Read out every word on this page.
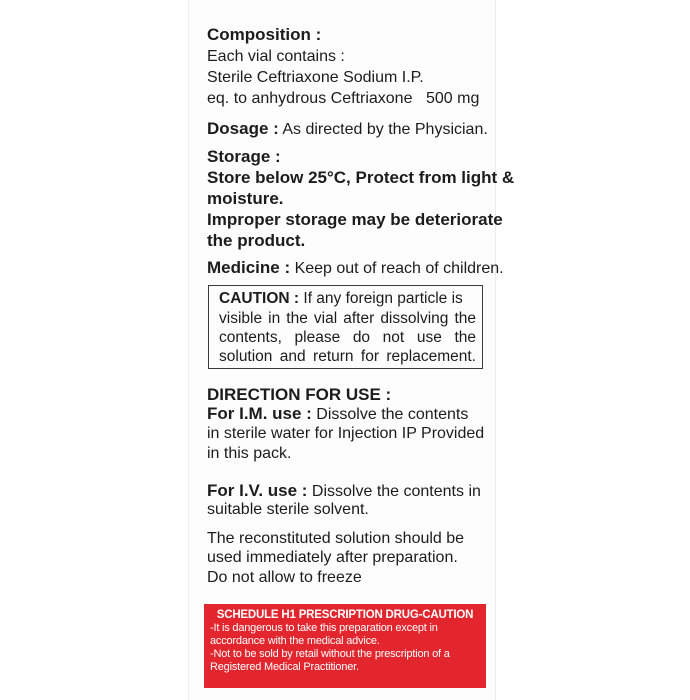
Composition :
Each vial contains :
Sterile Ceftriaxone Sodium I.P.
eq. to anhydrous Ceftriaxone 500 mg
Dosage : As directed by the Physician.
Storage :
Store below 25°C, Protect from light &
moisture.
Improper storage may be deteriorate
the product.
Medicine : Keep out of reach of children.
CAUTION : If any foreign particle is
visible in the vial after dissolving the
contents, please do not use the
solution and return for replacement.
DIRECTION FOR USE :
For I.M. use : Dissolve the contents
in sterile water for Injection IP Provided
in this pack.
For I.V. use : Dissolve the contents in
suitable sterile solvent.
The reconstituted solution should be
used immediately after preparation.
Do not allow to freeze
SCHEDULE H1 PRESCRIPTION DRUG-CAUTION
-It is dangerous to take this preparation except in
accordance with the medical advice.
-Not to be sold by retail without the prescription of a
Registered Medical Practitioner.
